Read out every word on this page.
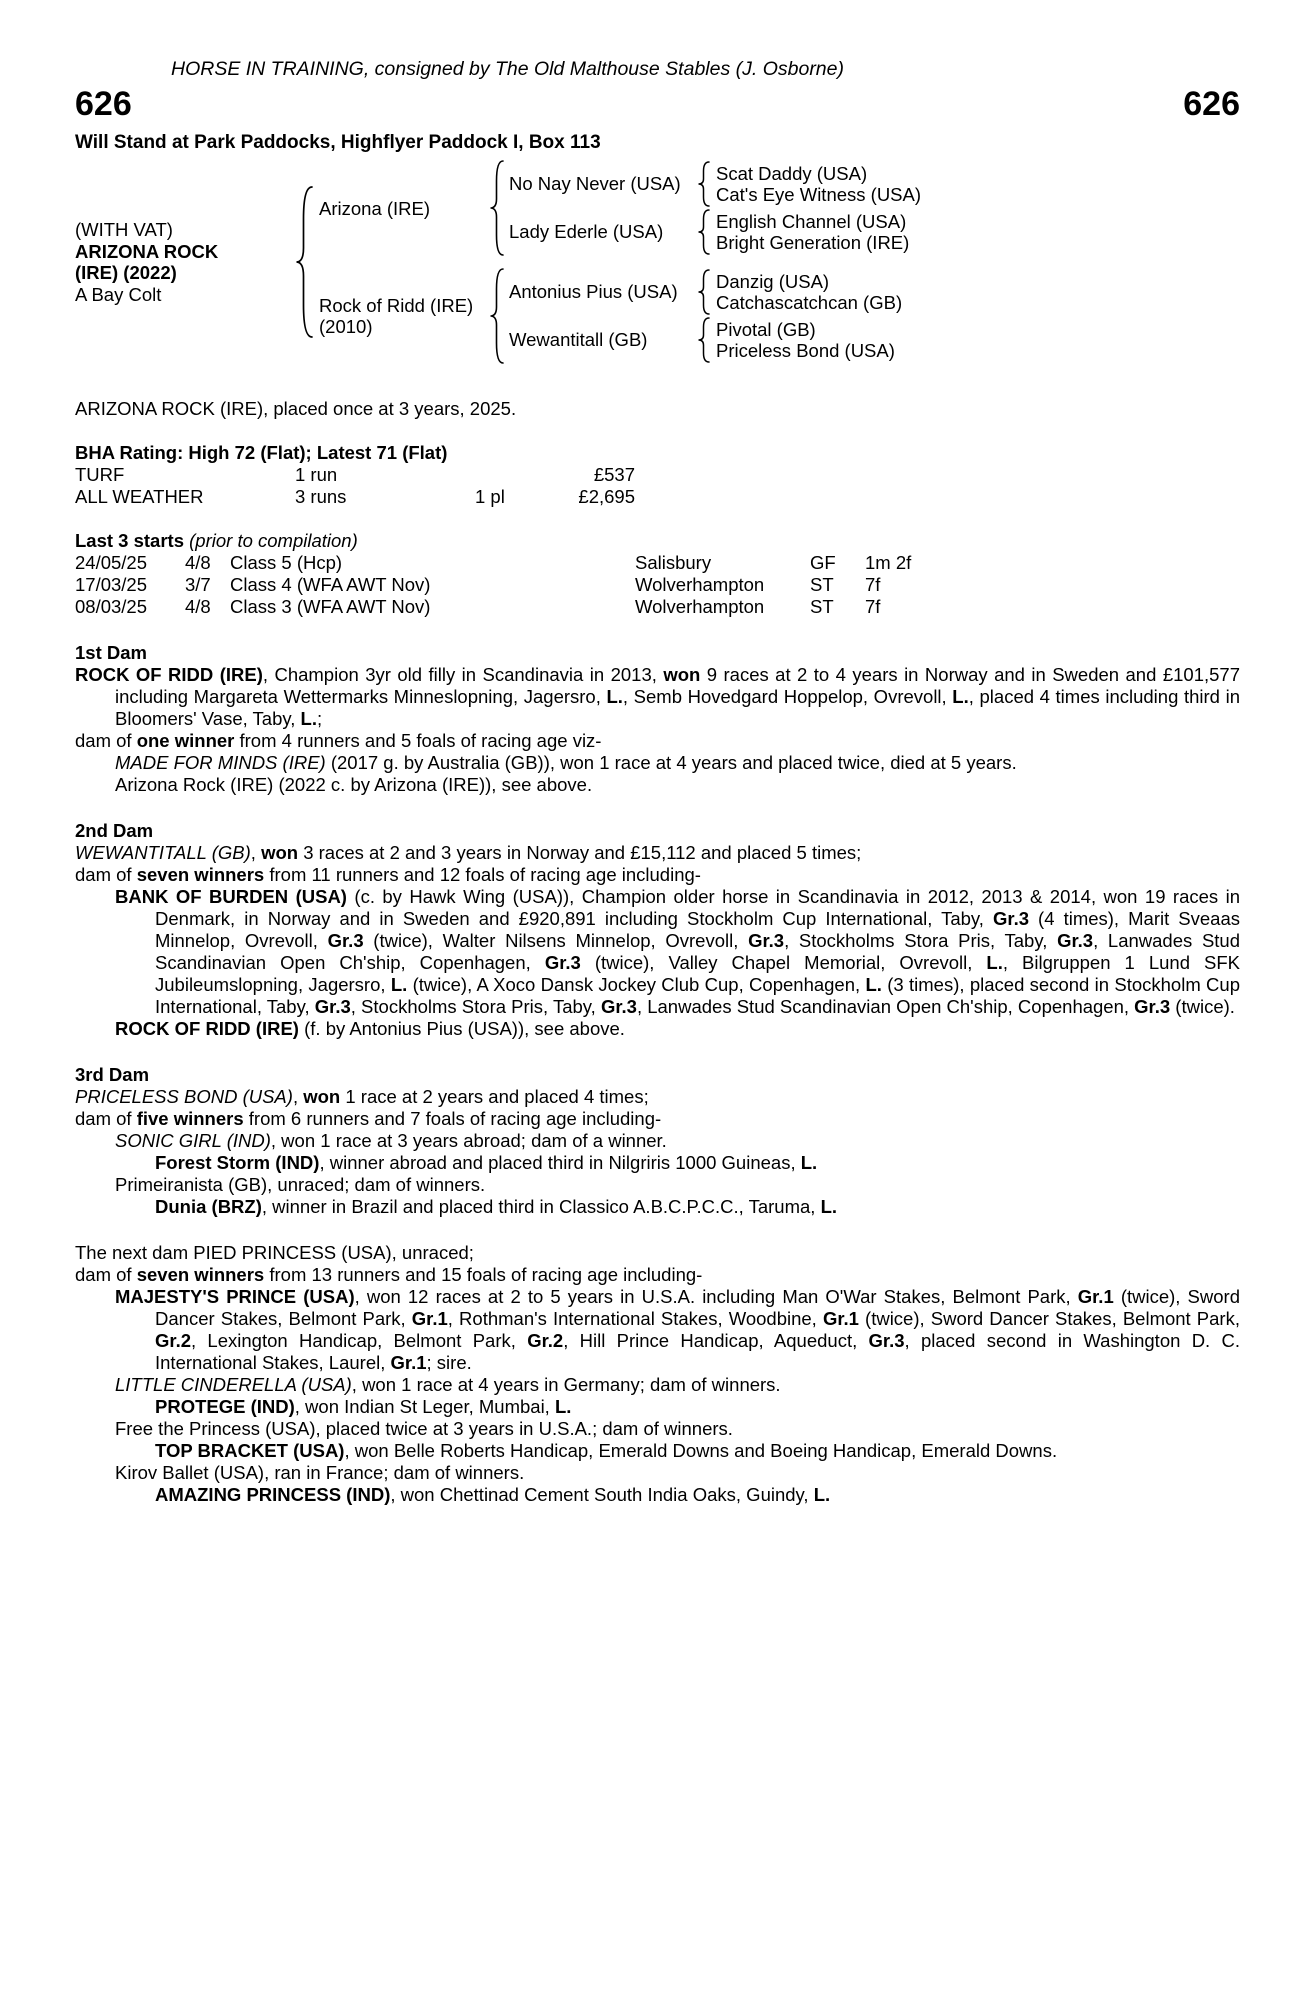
HORSE IN TRAINING, consigned by The Old Malthouse Stables (J. Osborne)
626	626
Will Stand at Park Paddocks, Highflyer Paddock I, Box 113
(WITH VAT)
ARIZONA ROCK
(IRE) (2022)
A Bay Colt
Arizona (IRE)
No Nay Never (USA)	Scat Daddy (USA)
Cat's Eye Witness (USA)
Lady Ederle (USA)	English Channel (USA)
Bright Generation (IRE)
Rock of Ridd (IRE)
(2010)
Antonius Pius (USA)	Danzig (USA)
Catchascatchcan (GB)
Wewantitall (GB)	Pivotal (GB)
Priceless Bond (USA)
ARIZONA ROCK (IRE), placed once at 3 years, 2025.
BHA Rating: High 72 (Flat); Latest 71 (Flat)
TURF	1 run	£537
ALL WEATHER	3 runs	1 pl	£2,695
Last 3 starts (prior to compilation)
24/05/25	4/8	Class 5 (Hcp)	Salisbury	GF	1m 2f
17/03/25	3/7	Class 4 (WFA AWT Nov)	Wolverhampton	ST	7f
08/03/25	4/8	Class 3 (WFA AWT Nov)	Wolverhampton	ST	7f
1st Dam

ROCK OF RIDD (IRE), Champion 3yr old filly in Scandinavia in 2013, won 9 races at 2 to 4 years in Norway and in Sweden and £101,577 including Margareta Wettermarks Minneslopning, Jagersro, L., Semb Hovedgard Hoppelop, Ovrevoll, L., placed 4 times including third in Bloomers' Vase, Taby, L.;

dam of one winner from 4 runners and 5 foals of racing age viz-

MADE FOR MINDS (IRE) (2017 g. by Australia (GB)), won 1 race at 4 years and placed twice, died at 5 years.

Arizona Rock (IRE) (2022 c. by Arizona (IRE)), see above.

2nd Dam

WEWANTITALL (GB), won 3 races at 2 and 3 years in Norway and £15,112 and placed 5 times;

dam of seven winners from 11 runners and 12 foals of racing age including-

BANK OF BURDEN (USA) (c. by Hawk Wing (USA)), Champion older horse in Scandinavia in 2012, 2013 & 2014, won 19 races in Denmark, in Norway and in Sweden and £920,891 including Stockholm Cup International, Taby, Gr.3 (4 times), Marit Sveaas Minnelop, Ovrevoll, Gr.3 (twice), Walter Nilsens Minnelop, Ovrevoll, Gr.3, Stockholms Stora Pris, Taby, Gr.3, Lanwades Stud Scandinavian Open Ch'ship, Copenhagen, Gr.3 (twice), Valley Chapel Memorial, Ovrevoll, L., Bilgruppen 1 Lund SFK Jubileumslopning, Jagersro, L. (twice), A Xoco Dansk Jockey Club Cup, Copenhagen, L. (3 times), placed second in Stockholm Cup International, Taby, Gr.3, Stockholms Stora Pris, Taby, Gr.3, Lanwades Stud Scandinavian Open Ch'ship, Copenhagen, Gr.3 (twice).

ROCK OF RIDD (IRE) (f. by Antonius Pius (USA)), see above.

3rd Dam

PRICELESS BOND (USA), won 1 race at 2 years and placed 4 times;

dam of five winners from 6 runners and 7 foals of racing age including-

SONIC GIRL (IND), won 1 race at 3 years abroad; dam of a winner.

Forest Storm (IND), winner abroad and placed third in Nilgriris 1000 Guineas, L.

Primeiranista (GB), unraced; dam of winners.

Dunia (BRZ), winner in Brazil and placed third in Classico A.B.C.P.C.C., Taruma, L.

The next dam PIED PRINCESS (USA), unraced;

dam of seven winners from 13 runners and 15 foals of racing age including-

MAJESTY'S PRINCE (USA), won 12 races at 2 to 5 years in U.S.A. including Man O'War Stakes, Belmont Park, Gr.1 (twice), Sword Dancer Stakes, Belmont Park, Gr.1, Rothman's International Stakes, Woodbine, Gr.1 (twice), Sword Dancer Stakes, Belmont Park, Gr.2, Lexington Handicap, Belmont Park, Gr.2, Hill Prince Handicap, Aqueduct, Gr.3, placed second in Washington D. C. International Stakes, Laurel, Gr.1; sire.

LITTLE CINDERELLA (USA), won 1 race at 4 years in Germany; dam of winners.

PROTEGE (IND), won Indian St Leger, Mumbai, L.

Free the Princess (USA), placed twice at 3 years in U.S.A.; dam of winners.

TOP BRACKET (USA), won Belle Roberts Handicap, Emerald Downs and Boeing Handicap, Emerald Downs.

Kirov Ballet (USA), ran in France; dam of winners.

AMAZING PRINCESS (IND), won Chettinad Cement South India Oaks, Guindy, L.
